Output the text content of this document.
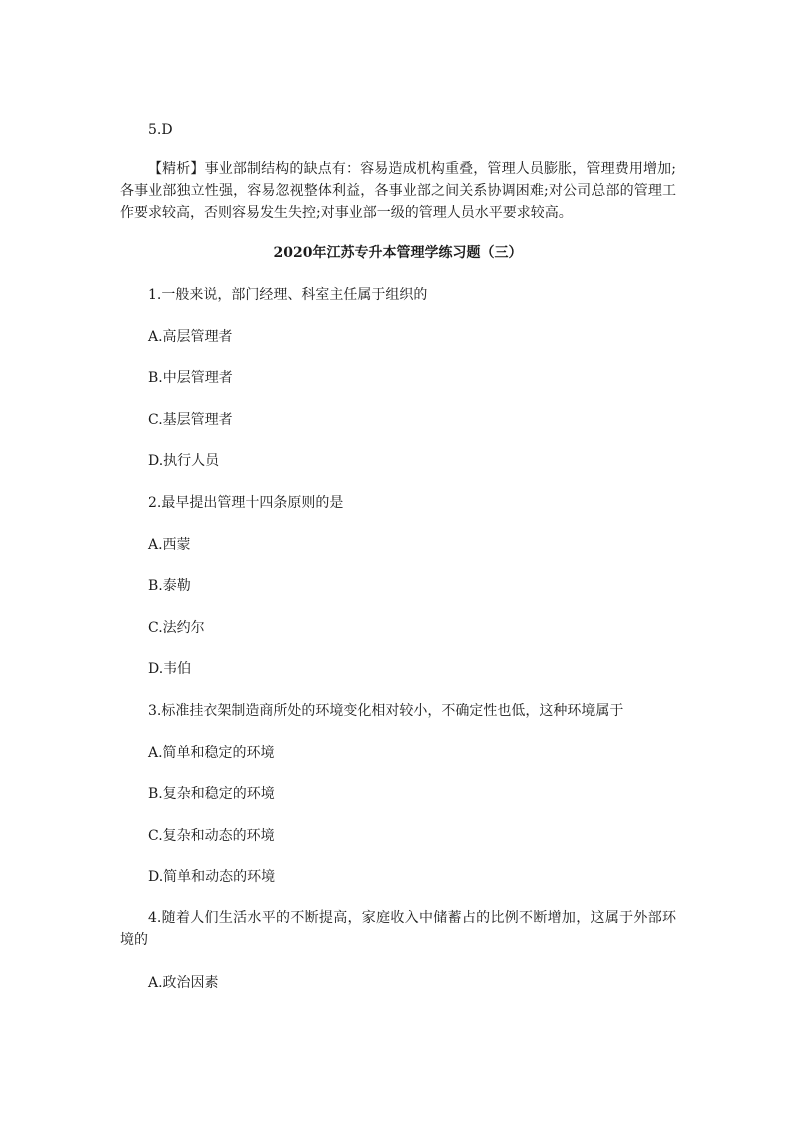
5.D
【精析】事业部制结构的缺点有：容易造成机构重叠，管理人员膨胀，管理费用增加;各事业部独立性强，容易忽视整体利益，各事业部之间关系协调困难;对公司总部的管理工作要求较高，否则容易发生失控;对事业部一级的管理人员水平要求较高。
2020年江苏专升本管理学练习题（三）
1.一般来说，部门经理、科室主任属于组织的
A.高层管理者
B.中层管理者
C.基层管理者
D.执行人员
2.最早提出管理十四条原则的是
A.西蒙
B.泰勒
C.法约尔
D.韦伯
3.标准挂衣架制造商所处的环境变化相对较小，不确定性也低，这种环境属于
A.简单和稳定的环境
B.复杂和稳定的环境
C.复杂和动态的环境
D.简单和动态的环境
4.随着人们生活水平的不断提高，家庭收入中储蓄占的比例不断增加，这属于外部环境的
A.政治因素
